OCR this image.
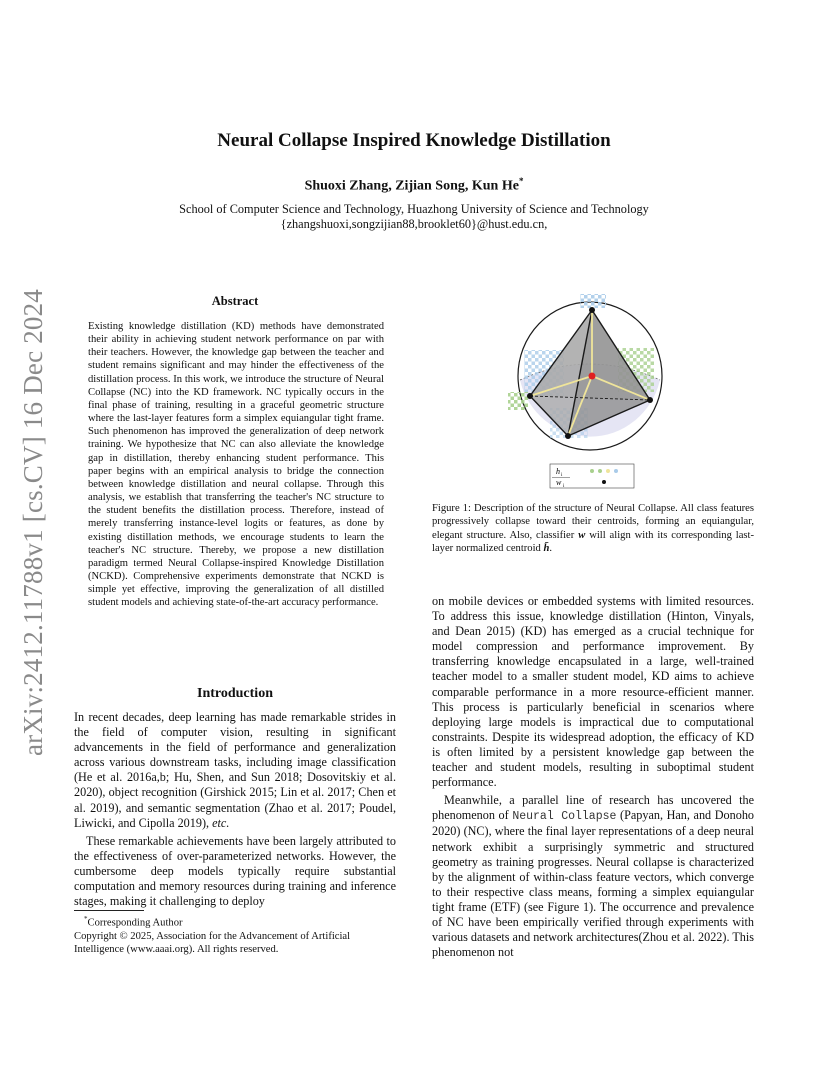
arXiv:2412.11788v1 [cs.CV] 16 Dec 2024
Neural Collapse Inspired Knowledge Distillation
Shuoxi Zhang, Zijian Song, Kun He*
School of Computer Science and Technology, Huazhong University of Science and Technology
{zhangshuoxi,songzijian88,brooklet60}@hust.edu.cn,
Abstract
Existing knowledge distillation (KD) methods have demonstrated their ability in achieving student network performance on par with their teachers. However, the knowledge gap between the teacher and student remains significant and may hinder the effectiveness of the distillation process. In this work, we introduce the structure of Neural Collapse (NC) into the KD framework. NC typically occurs in the final phase of training, resulting in a graceful geometric structure where the last-layer features form a simplex equiangular tight frame. Such phenomenon has improved the generalization of deep network training. We hypothesize that NC can also alleviate the knowledge gap in distillation, thereby enhancing student performance. This paper begins with an empirical analysis to bridge the connection between knowledge distillation and neural collapse. Through this analysis, we establish that transferring the teacher's NC structure to the student benefits the distillation process. Therefore, instead of merely transferring instance-level logits or features, as done by existing distillation methods, we encourage students to learn the teacher's NC structure. Thereby, we propose a new distillation paradigm termed Neural Collapse-inspired Knowledge Distillation (NCKD). Comprehensive experiments demonstrate that NCKD is simple yet effective, improving the generalization of all distilled student models and achieving state-of-the-art accuracy performance.
Introduction

In recent decades, deep learning has made remarkable strides in the field of computer vision, resulting in significant advancements in the field of performance and generalization across various downstream tasks, including image classification (He et al. 2016a,b; Hu, Shen, and Sun 2018; Dosovitskiy et al. 2020), object recognition (Girshick 2015; Lin et al. 2017; Chen et al. 2019), and semantic segmentation (Zhao et al. 2017; Poudel, Liwicki, and Cipolla 2019), etc.

These remarkable achievements have been largely attributed to the effectiveness of over-parameterized networks. However, the cumbersome deep models typically require substantial computation and memory resources during training and inference stages, making it challenging to deploy

*Corresponding Author

Copyright © 2025, Association for the Advancement of Artificial Intelligence (www.aaai.org). All rights reserved.

h i
w i
Figure 1: Description of the structure of Neural Collapse. All class features progressively collapse toward their centroids, forming an equiangular, elegant structure. Also, classifier w will align with its corresponding last-layer normalized centroid h̄.

on mobile devices or embedded systems with limited resources. To address this issue, knowledge distillation (Hinton, Vinyals, and Dean 2015) (KD) has emerged as a crucial technique for model compression and performance improvement. By transferring knowledge encapsulated in a large, well-trained teacher model to a smaller student model, KD aims to achieve comparable performance in a more resource-efficient manner. This process is particularly beneficial in scenarios where deploying large models is impractical due to computational constraints. Despite its widespread adoption, the efficacy of KD is often limited by a persistent knowledge gap between the teacher and student models, resulting in suboptimal student performance.

Meanwhile, a parallel line of research has uncovered the phenomenon of Neural Collapse (Papyan, Han, and Donoho 2020) (NC), where the final layer representations of a deep neural network exhibit a surprisingly symmetric and structured geometry as training progresses. Neural collapse is characterized by the alignment of within-class feature vectors, which converge to their respective class means, forming a simplex equiangular tight frame (ETF) (see Figure 1). The occurrence and prevalence of NC have been empirically verified through experiments with various datasets and network architectures(Zhou et al. 2022). This phenomenon not
